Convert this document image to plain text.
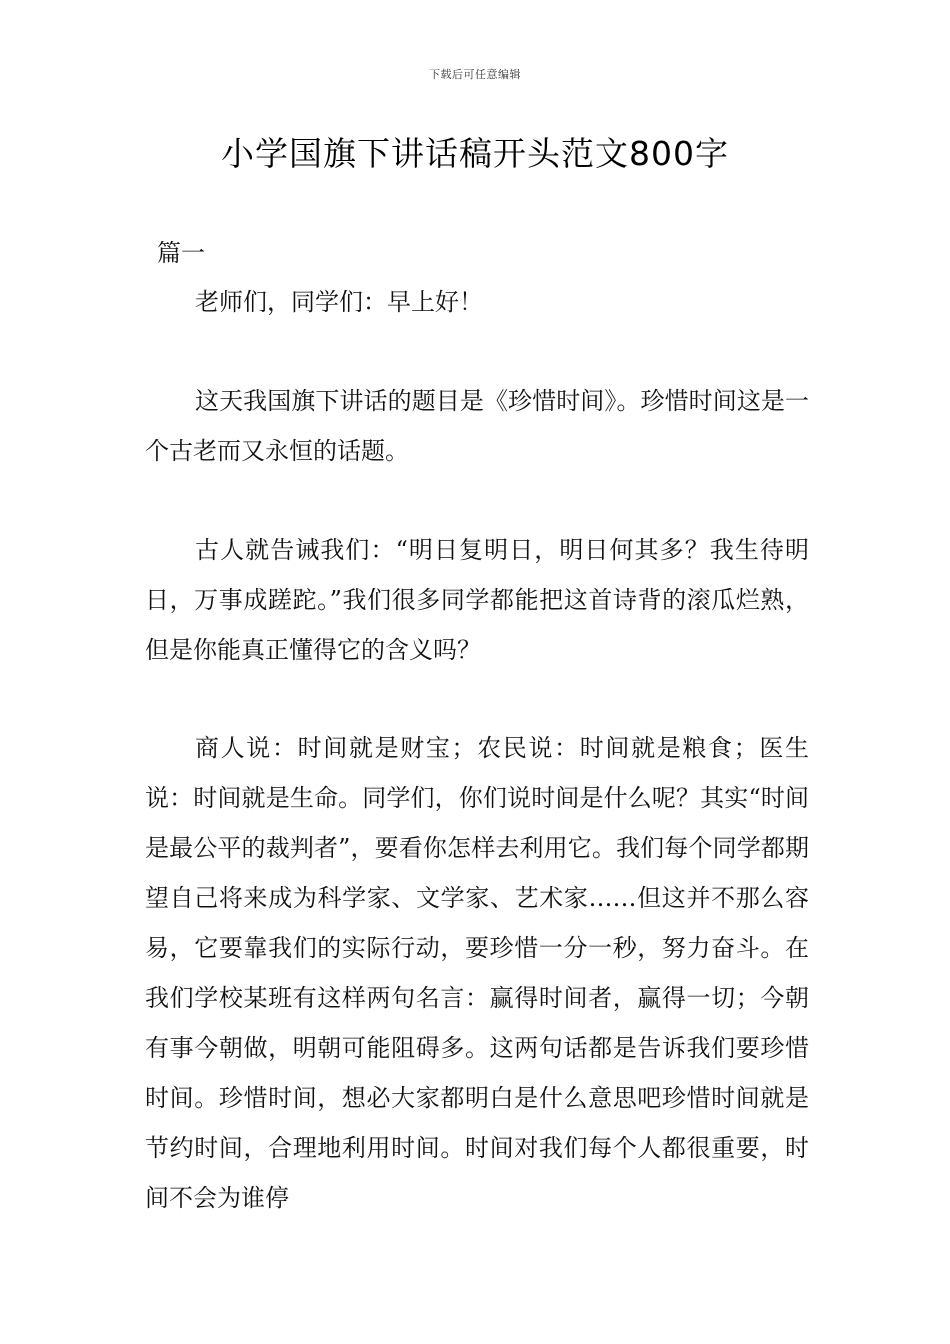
下载后可任意编辑
小学国旗下讲话稿开头范文800字
篇一

老师们，同学们：早上好！

这天我国旗下讲话的题目是《珍惜时间》。珍惜时间这是一个古老而又永恒的话题。

古人就告诫我们：“明日复明日，明日何其多？我生待明日，万事成蹉跎。”我们很多同学都能把这首诗背的滚瓜烂熟，但是你能真正懂得它的含义吗？

商人说：时间就是财宝；农民说：时间就是粮食；医生说：时间就是生命。同学们，你们说时间是什么呢？其实“时间是最公平的裁判者”，要看你怎样去利用它。我们每个同学都期望自己将来成为科学家、文学家、艺术家……但这并不那么容易，它要靠我们的实际行动，要珍惜一分一秒，努力奋斗。在我们学校某班有这样两句名言：赢得时间者，赢得一切；今朝有事今朝做，明朝可能阻碍多。这两句话都是告诉我们要珍惜时间。珍惜时间，想必大家都明白是什么意思吧珍惜时间就是节约时间，合理地利用时间。时间对我们每个人都很重要，时间不会为谁停
